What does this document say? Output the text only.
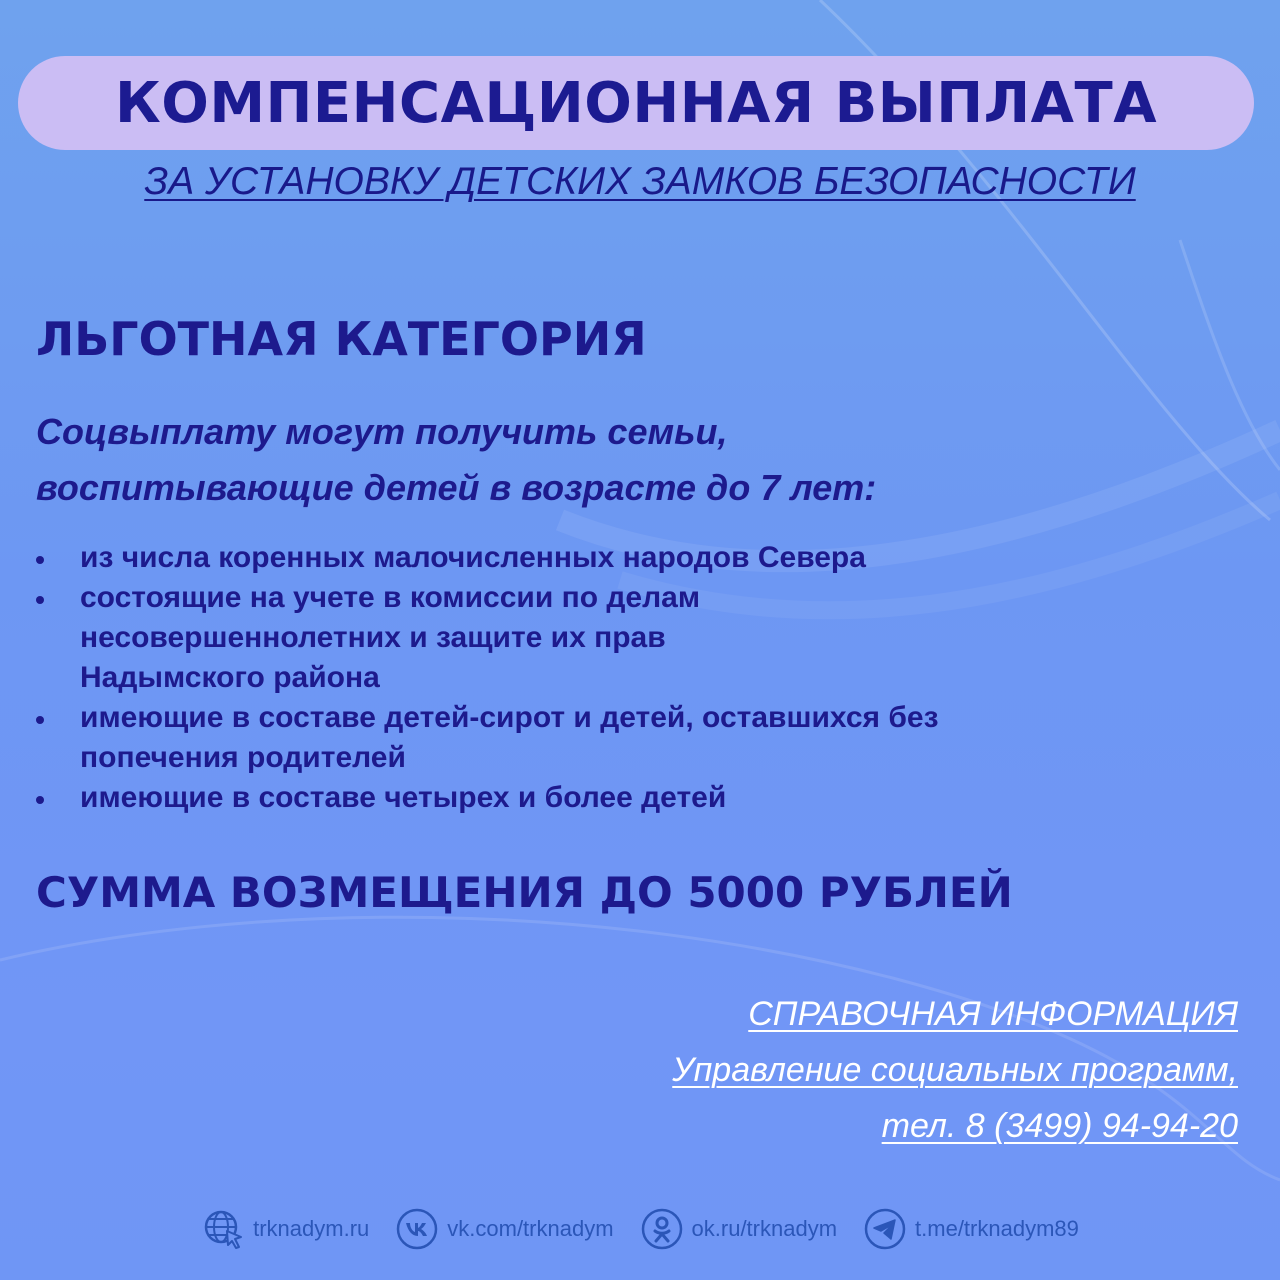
КОМПЕНСАЦИОННАЯ ВЫПЛАТА
ЗА УСТАНОВКУ ДЕТСКИХ ЗАМКОВ БЕЗОПАСНОСТИ
ЛЬГОТНАЯ КАТЕГОРИЯ
Соцвыплату могут получить семьи,
воспитывающие детей в возрасте до 7 лет:
из числа коренных малочисленных народов Севера
состоящие на учете в комиссии по делам
несовершеннолетних и защите их прав
Надымского района
имеющие в составе детей-сирот и детей, оставшихся без
попечения родителей
имеющие в составе четырех и более детей
СУММА ВОЗМЕЩЕНИЯ ДО 5000 РУБЛЕЙ
СПРАВОЧНАЯ ИНФОРМАЦИЯ
Управление социальных программ,
тел. 8 (3499) 94-94-20
trknadym.ru	vk.com/trknadym	ok.ru/trknadym	t.me/trknadym89
